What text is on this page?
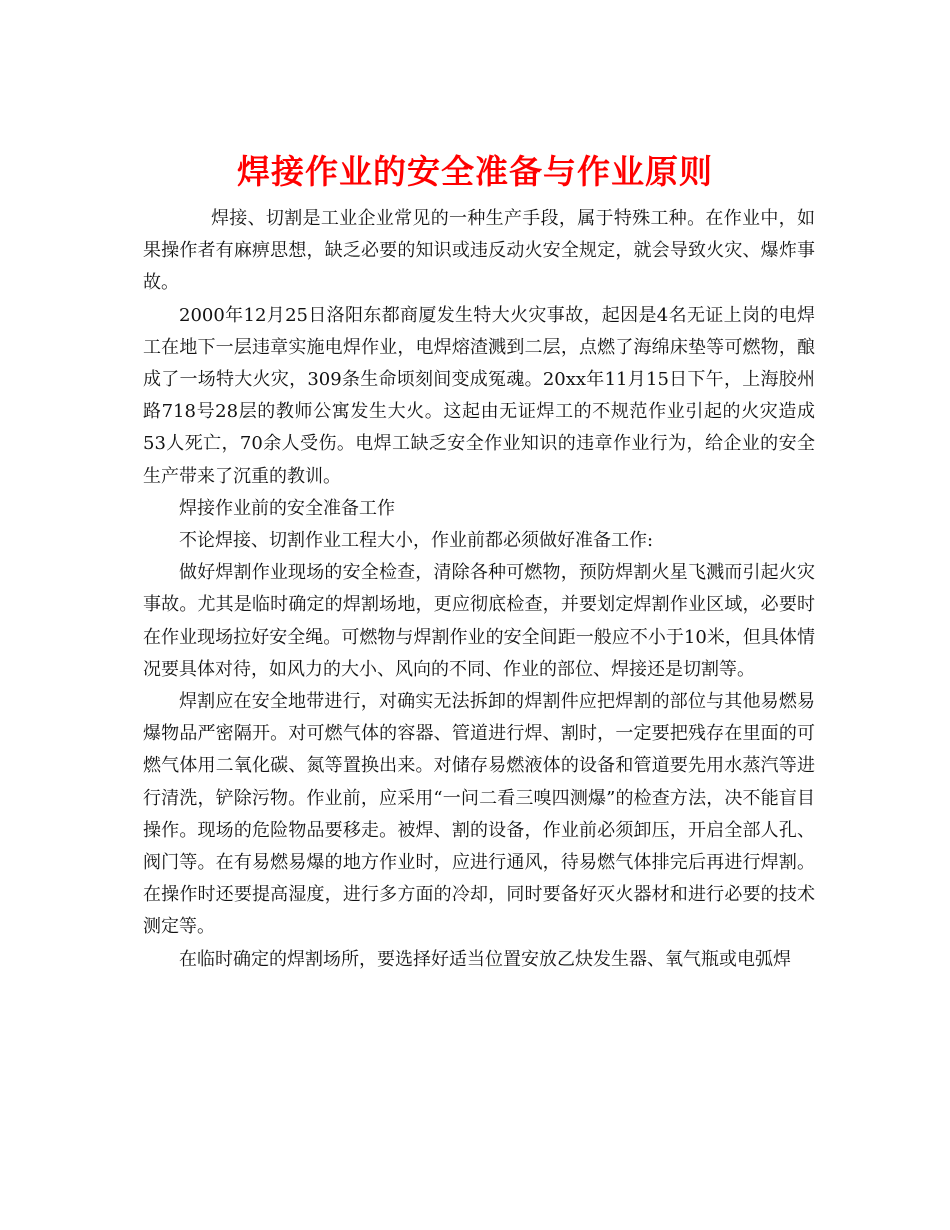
焊接作业的安全准备与作业原则

焊接、切割是工业企业常见的一种生产手段，属于特殊工种。在作业中，如果操作者有麻痹思想，缺乏必要的知识或违反动火安全规定，就会导致火灾、爆炸事故。

2000年12月25日洛阳东都商厦发生特大火灾事故，起因是4名无证上岗的电焊工在地下一层违章实施电焊作业，电焊熔渣溅到二层，点燃了海绵床垫等可燃物，酿成了一场特大火灾，309条生命顷刻间变成冤魂。20xx年11月15日下午，上海胶州路718号28层的教师公寓发生大火。这起由无证焊工的不规范作业引起的火灾造成53人死亡，70余人受伤。电焊工缺乏安全作业知识的违章作业行为，给企业的安全生产带来了沉重的教训。

焊接作业前的安全准备工作

不论焊接、切割作业工程大小，作业前都必须做好准备工作:

做好焊割作业现场的安全检查，清除各种可燃物，预防焊割火星飞溅而引起火灾事故。尤其是临时确定的焊割场地，更应彻底检查，并要划定焊割作业区域，必要时在作业现场拉好安全绳。可燃物与焊割作业的安全间距一般应不小于10米，但具体情况要具体对待，如风力的大小、风向的不同、作业的部位、焊接还是切割等。

焊割应在安全地带进行，对确实无法拆卸的焊割件应把焊割的部位与其他易燃易爆物品严密隔开。对可燃气体的容器、管道进行焊、割时，一定要把残存在里面的可燃气体用二氧化碳、氮等置换出来。对储存易燃液体的设备和管道要先用水蒸汽等进行清洗，铲除污物。作业前，应采用“一问二看三嗅四测爆”的检查方法，决不能盲目操作。现场的危险物品要移走。被焊、割的设备，作业前必须卸压，开启全部人孔、阀门等。在有易燃易爆的地方作业时，应进行通风，待易燃气体排完后再进行焊割。在操作时还要提高湿度，进行多方面的冷却，同时要备好灭火器材和进行必要的技术测定等。

在临时确定的焊割场所，要选择好适当位置安放乙炔发生器、氧气瓶或电弧焊
